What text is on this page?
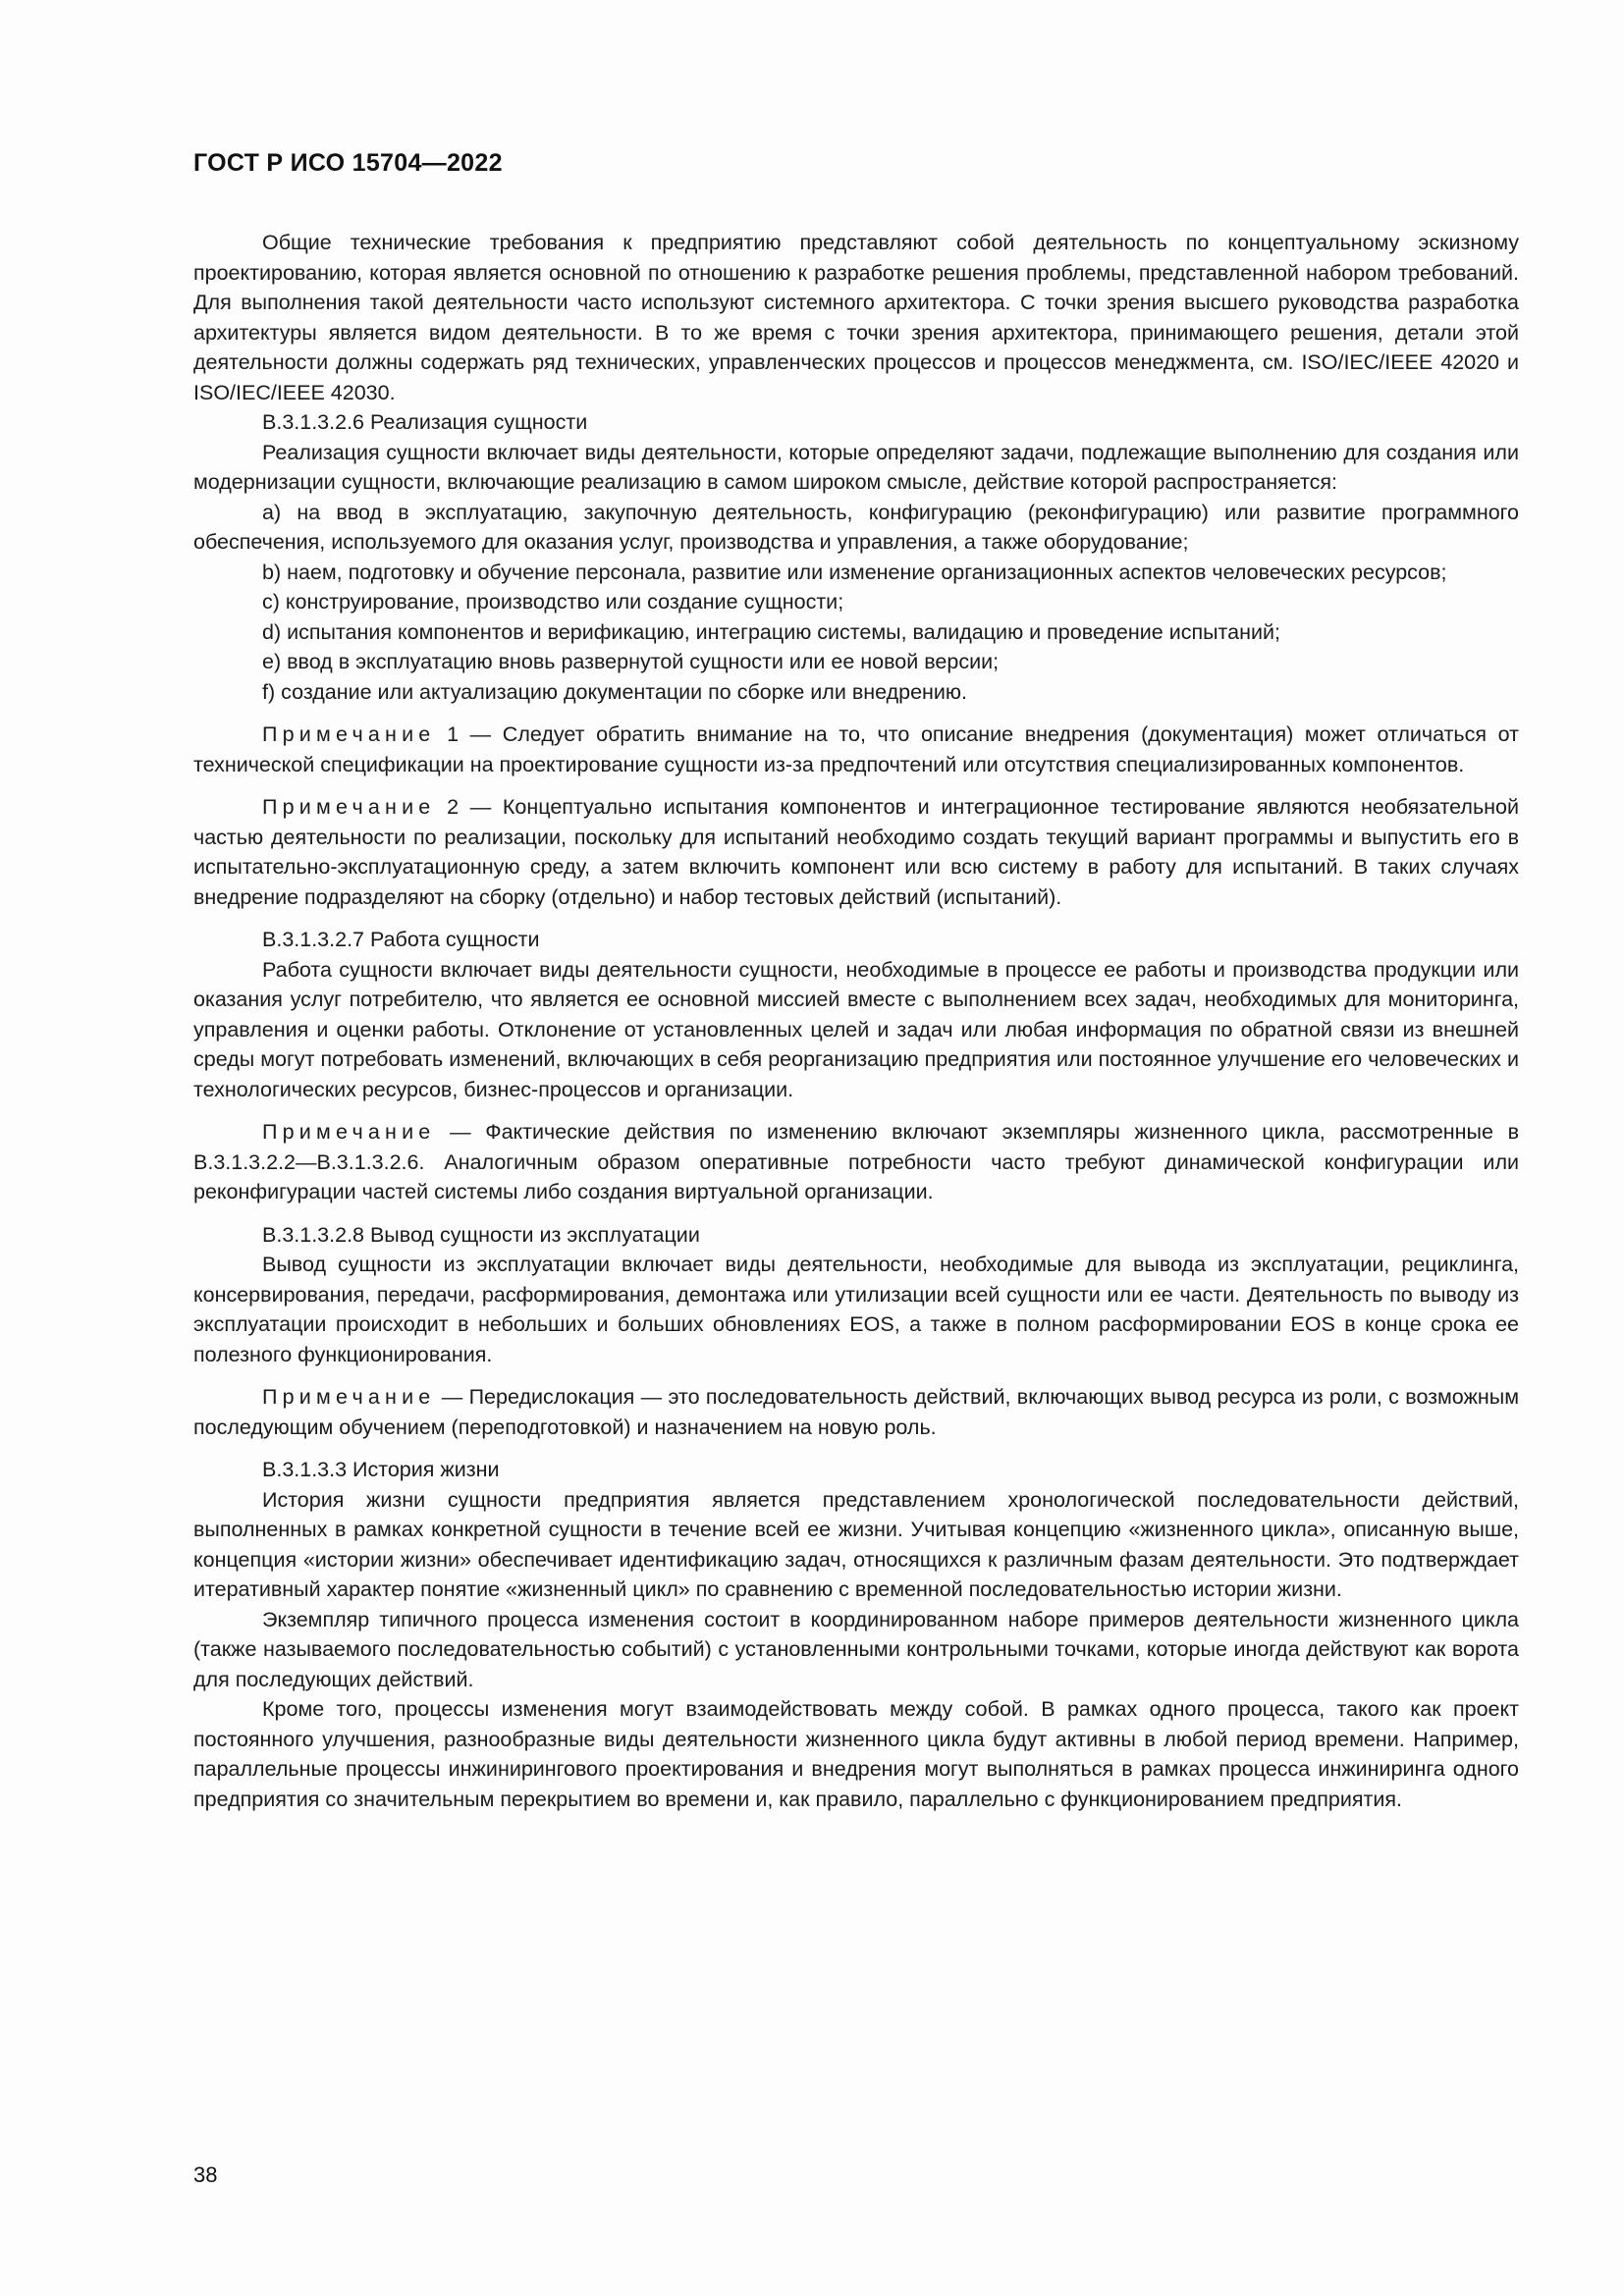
ГОСТ Р ИСО 15704—2022

Общие технические требования к предприятию представляют собой деятельность по концептуальному эскизному проектированию, которая является основной по отношению к разработке решения проблемы, представленной набором требований. Для выполнения такой деятельности часто используют системного архитектора. С точки зрения высшего руководства разработка архитектуры является видом деятельности. В то же время с точки зрения архитектора, принимающего решения, детали этой деятельности должны содержать ряд технических, управленческих процессов и процессов менеджмента, см. ISO/IEC/IEEE 42020 и ISO/IEC/IEEE 42030.

В.3.1.3.2.6 Реализация сущности

Реализация сущности включает виды деятельности, которые определяют задачи, подлежащие выполнению для создания или модернизации сущности, включающие реализацию в самом широком смысле, действие которой распространяется:

a) на ввод в эксплуатацию, закупочную деятельность, конфигурацию (реконфигурацию) или развитие программного обеспечения, используемого для оказания услуг, производства и управления, а также оборудование;

b) наем, подготовку и обучение персонала, развитие или изменение организационных аспектов человеческих ресурсов;

c) конструирование, производство или создание сущности;

d) испытания компонентов и верификацию, интеграцию системы, валидацию и проведение испытаний;

e) ввод в эксплуатацию вновь развернутой сущности или ее новой версии;

f) создание или актуализацию документации по сборке или внедрению.

Примечание 1 — Следует обратить внимание на то, что описание внедрения (документация) может отличаться от технической спецификации на проектирование сущности из-за предпочтений или отсутствия специализированных компонентов.

Примечание 2 — Концептуально испытания компонентов и интеграционное тестирование являются необязательной частью деятельности по реализации, поскольку для испытаний необходимо создать текущий вариант программы и выпустить его в испытательно-эксплуатационную среду, а затем включить компонент или всю систему в работу для испытаний. В таких случаях внедрение подразделяют на сборку (отдельно) и набор тестовых действий (испытаний).

В.3.1.3.2.7 Работа сущности

Работа сущности включает виды деятельности сущности, необходимые в процессе ее работы и производства продукции или оказания услуг потребителю, что является ее основной миссией вместе с выполнением всех задач, необходимых для мониторинга, управления и оценки работы. Отклонение от установленных целей и задач или любая информация по обратной связи из внешней среды могут потребовать изменений, включающих в себя реорганизацию предприятия или постоянное улучшение его человеческих и технологических ресурсов, бизнес-процессов и организации.

Примечание — Фактические действия по изменению включают экземпляры жизненного цикла, рассмотренные в В.3.1.3.2.2—В.3.1.3.2.6. Аналогичным образом оперативные потребности часто требуют динамической конфигурации или реконфигурации частей системы либо создания виртуальной организации.

В.3.1.3.2.8 Вывод сущности из эксплуатации

Вывод сущности из эксплуатации включает виды деятельности, необходимые для вывода из эксплуатации, рециклинга, консервирования, передачи, расформирования, демонтажа или утилизации всей сущности или ее части. Деятельность по выводу из эксплуатации происходит в небольших и больших обновлениях EOS, а также в полном расформировании EOS в конце срока ее полезного функционирования.

Примечание — Передислокация — это последовательность действий, включающих вывод ресурса из роли, с возможным последующим обучением (переподготовкой) и назначением на новую роль.

В.3.1.3.3 История жизни

История жизни сущности предприятия является представлением хронологической последовательности действий, выполненных в рамках конкретной сущности в течение всей ее жизни. Учитывая концепцию «жизненного цикла», описанную выше, концепция «истории жизни» обеспечивает идентификацию задач, относящихся к различным фазам деятельности. Это подтверждает итеративный характер понятие «жизненный цикл» по сравнению с временной последовательностью истории жизни.

Экземпляр типичного процесса изменения состоит в координированном наборе примеров деятельности жизненного цикла (также называемого последовательностью событий) с установленными контрольными точками, которые иногда действуют как ворота для последующих действий.

Кроме того, процессы изменения могут взаимодействовать между собой. В рамках одного процесса, такого как проект постоянного улучшения, разнообразные виды деятельности жизненного цикла будут активны в любой период времени. Например, параллельные процессы инжинирингового проектирования и внедрения могут выполняться в рамках процесса инжиниринга одного предприятия со значительным перекрытием во времени и, как правило, параллельно с функционированием предприятия.

38
